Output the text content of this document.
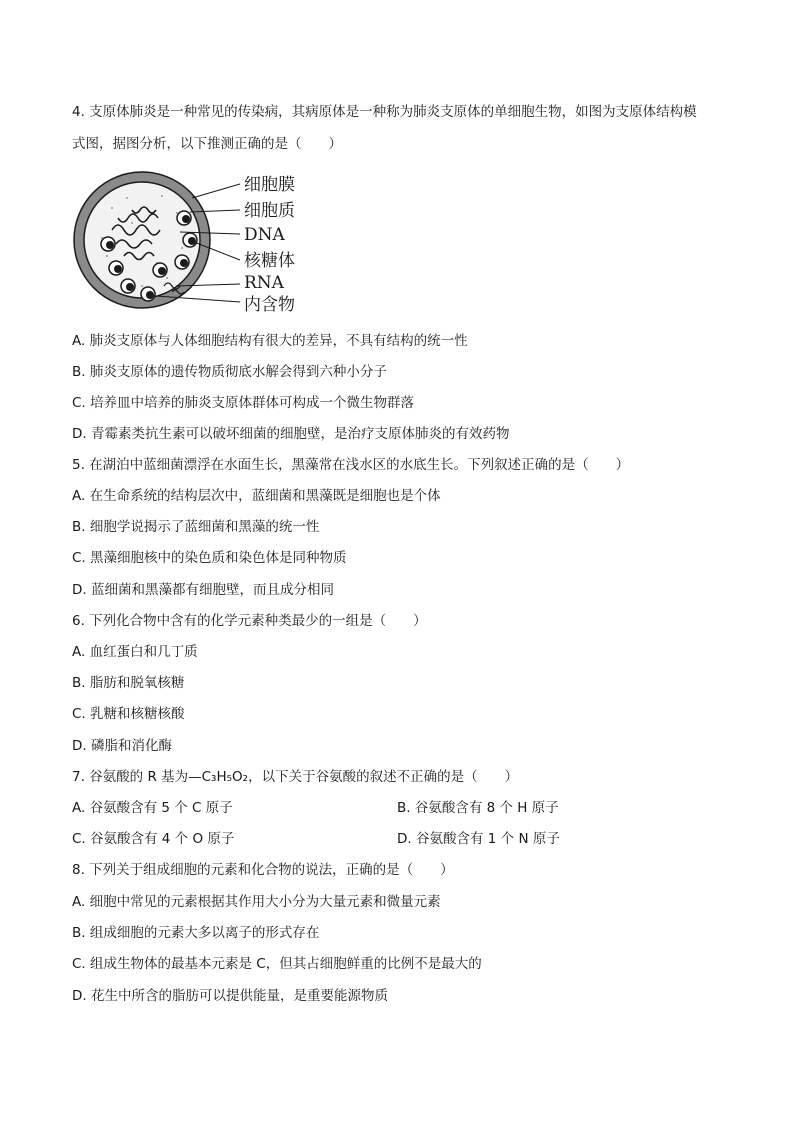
4. 支原体肺炎是一种常见的传染病，其病原体是一种称为肺炎支原体的单细胞生物，如图为支原体结构模
式图，据图分析，以下推测正确的是（　　）
细胞膜
细胞质
DNA
核糖体
RNA
内含物
A. 肺炎支原体与人体细胞结构有很大的差异，不具有结构的统一性
B. 肺炎支原体的遗传物质彻底水解会得到六种小分子
C. 培养皿中培养的肺炎支原体群体可构成一个微生物群落
D. 青霉素类抗生素可以破坏细菌的细胞壁，是治疗支原体肺炎的有效药物
5. 在湖泊中蓝细菌漂浮在水面生长，黑藻常在浅水区的水底生长。下列叙述正确的是（　　）
A. 在生命系统的结构层次中，蓝细菌和黑藻既是细胞也是个体
B. 细胞学说揭示了蓝细菌和黑藻的统一性
C. 黑藻细胞核中的染色质和染色体是同种物质
D. 蓝细菌和黑藻都有细胞壁，而且成分相同
6. 下列化合物中含有的化学元素种类最少的一组是（　　）
A. 血红蛋白和几丁质
B. 脂肪和脱氧核糖
C. 乳糖和核糖核酸
D. 磷脂和消化酶
7. 谷氨酸的 R 基为—C₃H₅O₂，以下关于谷氨酸的叙述不正确的是（　　）
A. 谷氨酸含有 5 个 C 原子	B. 谷氨酸含有 8 个 H 原子
C. 谷氨酸含有 4 个 O 原子	D. 谷氨酸含有 1 个 N 原子
8. 下列关于组成细胞的元素和化合物的说法，正确的是（　　）
A. 细胞中常见的元素根据其作用大小分为大量元素和微量元素
B. 组成细胞的元素大多以离子的形式存在
C. 组成生物体的最基本元素是 C，但其占细胞鲜重的比例不是最大的
D. 花生中所含的脂肪可以提供能量，是重要能源物质
